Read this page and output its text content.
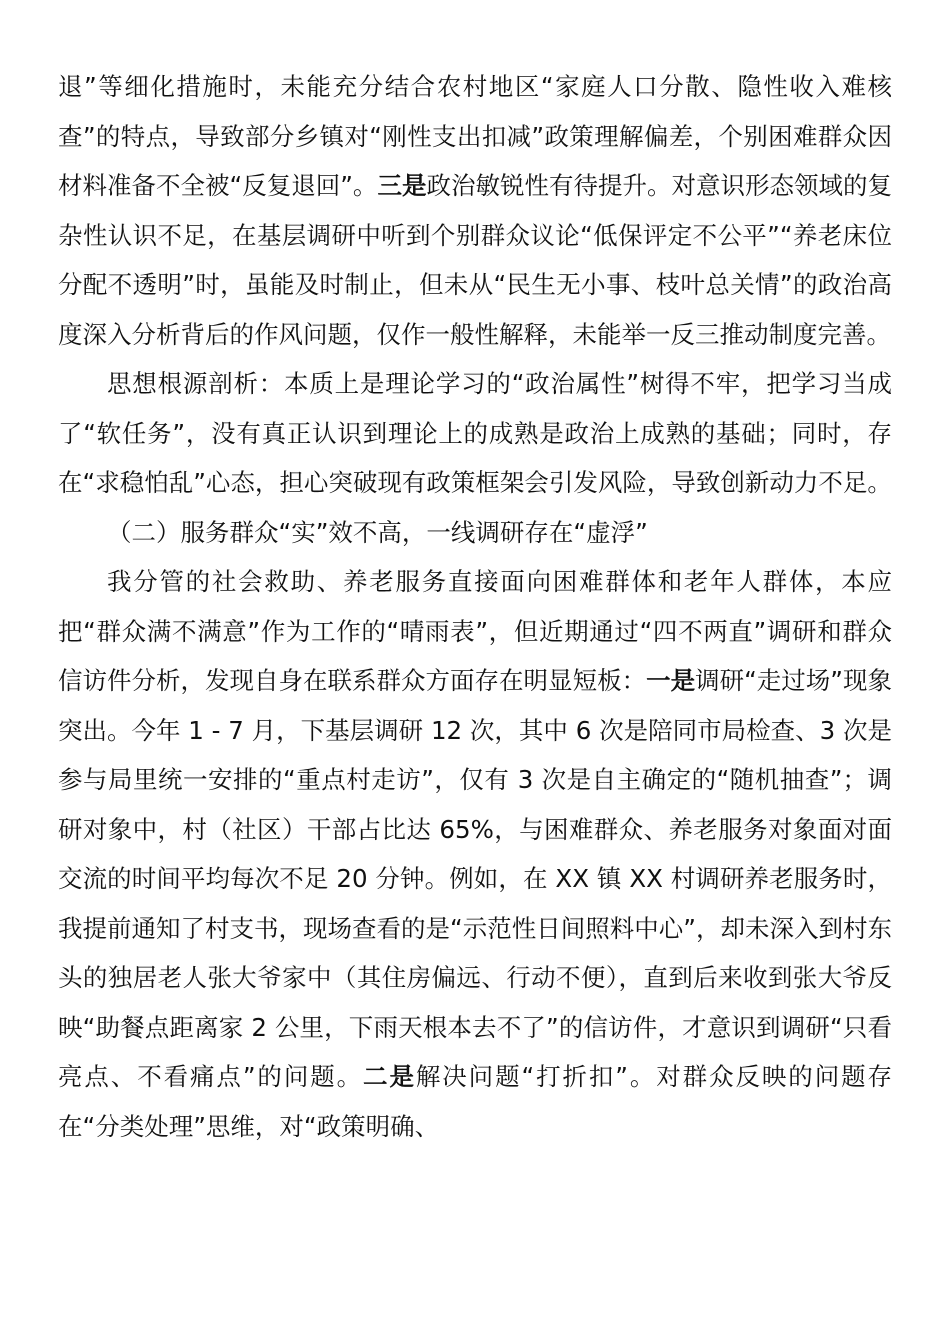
退”等细化措施时，未能充分结合农村地区“家庭人口分散、隐性收入难核查”的特点，导致部分乡镇对“刚性支出扣减”政策理解偏差，个别困难群众因材料准备不全被“反复退回”。三是政治敏锐性有待提升。对意识形态领域的复杂性认识不足，在基层调研中听到个别群众议论“低保评定不公平”“养老床位分配不透明”时，虽能及时制止，但未从“民生无小事、枝叶总关情”的政治高度深入分析背后的作风问题，仅作一般性解释，未能举一反三推动制度完善。

思想根源剖析：本质上是理论学习的“政治属性”树得不牢，把学习当成了“软任务”，没有真正认识到理论上的成熟是政治上成熟的基础；同时，存在“求稳怕乱”心态，担心突破现有政策框架会引发风险，导致创新动力不足。

（二）服务群众“实”效不高，一线调研存在“虚浮”

我分管的社会救助、养老服务直接面向困难群体和老年人群体，本应把“群众满不满意”作为工作的“晴雨表”，但近期通过“四不两直”调研和群众信访件分析，发现自身在联系群众方面存在明显短板：一是调研“走过场”现象突出。今年 1 - 7 月，下基层调研 12 次，其中 6 次是陪同市局检查、3 次是参与局里统一安排的“重点村走访”，仅有 3 次是自主确定的“随机抽查”；调研对象中，村（社区）干部占比达 65%，与困难群众、养老服务对象面对面交流的时间平均每次不足 20 分钟。例如，在 XX 镇 XX 村调研养老服务时，我提前通知了村支书，现场查看的是“示范性日间照料中心”，却未深入到村东头的独居老人张大爷家中（其住房偏远、行动不便），直到后来收到张大爷反映“助餐点距离家 2 公里，下雨天根本去不了”的信访件，才意识到调研“只看亮点、不看痛点”的问题。二是解决问题“打折扣”。对群众反映的问题存在“分类处理”思维，对“政策明确、
